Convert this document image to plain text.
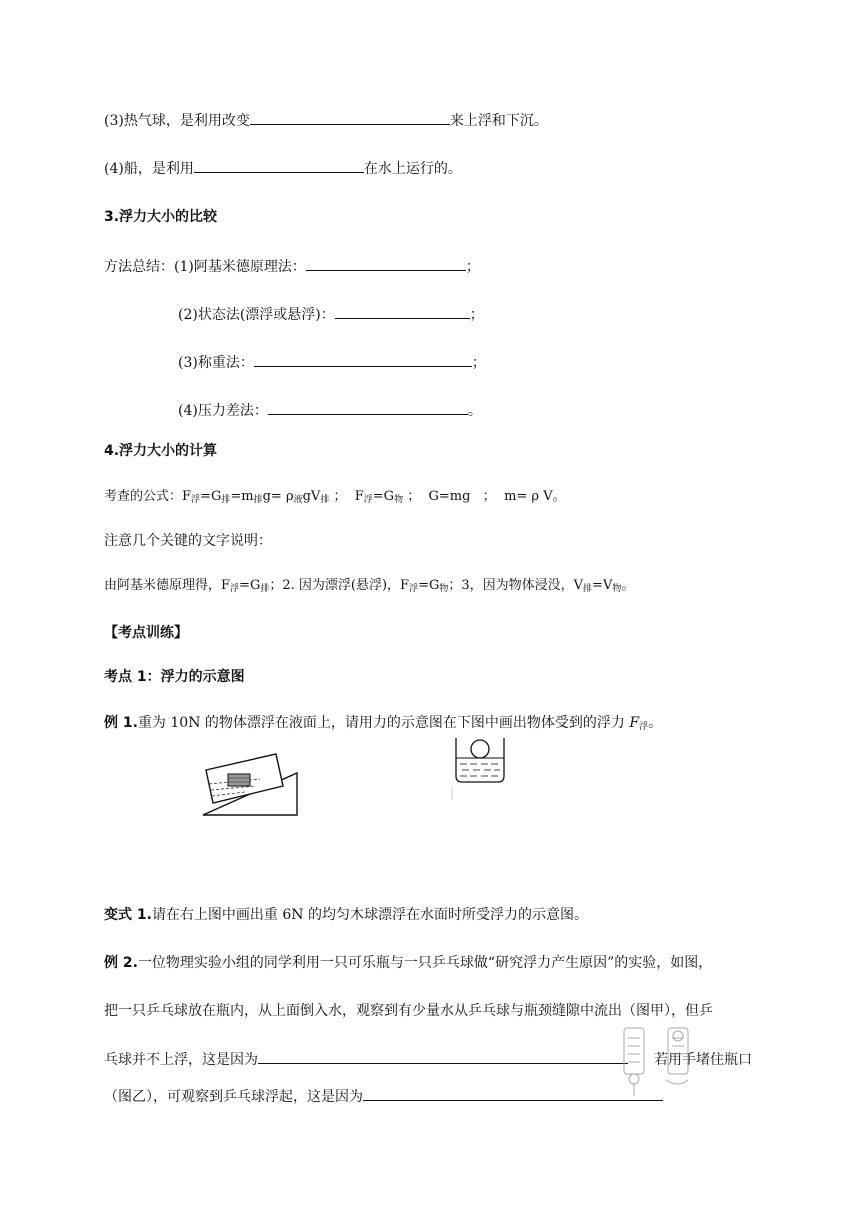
(3)热气球，是利用改变	来上浮和下沉。
(4)船，是利用	在水上运行的。
3.浮力大小的比较
方法总结：(1)阿基米德原理法：	；
(2)状态法(漂浮或悬浮)：	；
(3)称重法：	；
(4)压力差法：	。
4.浮力大小的计算
考查的公式：$F_浮=G_排=m_排g= \rho_液gV_排$ ；  $F_浮=G_物$ ；  G=mg   ；  m= ρ V。
注意几个关键的文字说明：
由阿基米德原理得，$F_浮=G_排$；2. 因为漂浮(悬浮)，$F_浮=G_物$；3，因为物体浸没，$V_排=V_物$。
【考点训练】
考点 1：浮力的示意图
例 1.重为 10N 的物体漂浮在液面上，请用力的示意图在下图中画出物体受到的浮力 $F_浮$。
变式 1.请在右上图中画出重 6N 的均匀木球漂浮在水面时所受浮力的示意图。
例 2.一位物理实验小组的同学利用一只可乐瓶与一只乒乓球做“研究浮力产生原因”的实验，如图，
把一只乒乓球放在瓶内，从上面倒入水，观察到有少量水从乒乓球与瓶颈缝隙中流出（图甲），但乒
乓球并不上浮，这是因为	若用手堵住瓶口
（图乙），可观察到乒乓球浮起，这是因为
